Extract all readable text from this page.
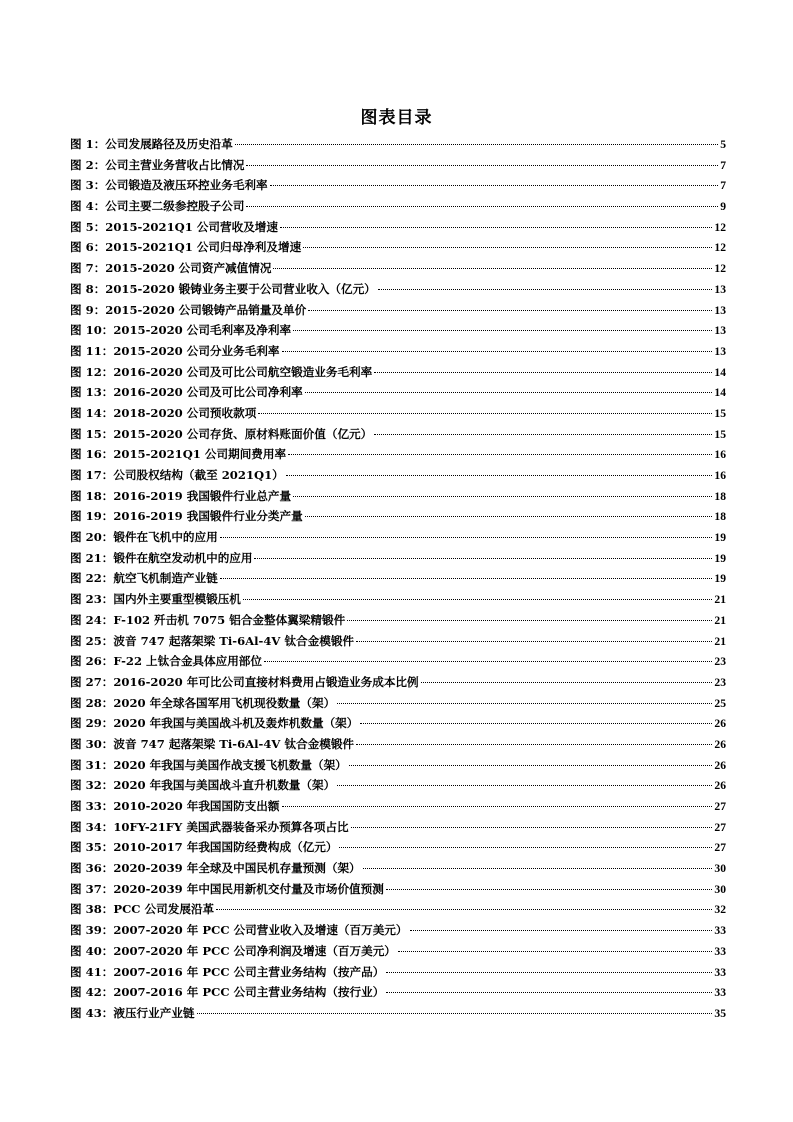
图表目录
图 1：公司发展路径及历史沿革	5
图 2：公司主营业务营收占比情况	7
图 3：公司锻造及液压环控业务毛利率	7
图 4：公司主要二级参控股子公司	9
图 5：2015-2021Q1 公司营收及增速	12
图 6：2015-2021Q1 公司归母净利及增速	12
图 7：2015-2020 公司资产减值情况	12
图 8：2015-2020 锻铸业务主要于公司营业收入（亿元）	13
图 9：2015-2020 公司锻铸产品销量及单价	13
图 10：2015-2020 公司毛利率及净利率	13
图 11：2015-2020 公司分业务毛利率	13
图 12：2016-2020 公司及可比公司航空锻造业务毛利率	14
图 13：2016-2020 公司及可比公司净利率	14
图 14：2018-2020 公司预收款项	15
图 15：2015-2020 公司存货、原材料账面价值（亿元）	15
图 16：2015-2021Q1 公司期间费用率	16
图 17：公司股权结构（截至 2021Q1）	16
图 18：2016-2019 我国锻件行业总产量	18
图 19：2016-2019 我国锻件行业分类产量	18
图 20：锻件在飞机中的应用	19
图 21：锻件在航空发动机中的应用	19
图 22：航空飞机制造产业链	19
图 23：国内外主要重型模锻压机	21
图 24：F-102 歼击机 7075 铝合金整体翼梁精锻件	21
图 25：波音 747 起落架梁 Ti-6Al-4V 钛合金模锻件	21
图 26：F-22 上钛合金具体应用部位	23
图 27：2016-2020 年可比公司直接材料费用占锻造业务成本比例	23
图 28：2020 年全球各国军用飞机现役数量（架）	25
图 29：2020 年我国与美国战斗机及轰炸机数量（架）	26
图 30：波音 747 起落架梁 Ti-6Al-4V 钛合金模锻件	26
图 31：2020 年我国与美国作战支援飞机数量（架）	26
图 32：2020 年我国与美国战斗直升机数量（架）	26
图 33：2010-2020 年我国国防支出额	27
图 34：10FY-21FY 美国武器装备采办预算各项占比	27
图 35：2010-2017 年我国国防经费构成（亿元）	27
图 36：2020-2039 年全球及中国民机存量预测（架）	30
图 37：2020-2039 年中国民用新机交付量及市场价值预测	30
图 38：PCC 公司发展沿革	32
图 39：2007-2020 年 PCC 公司营业收入及增速（百万美元）	33
图 40：2007-2020 年 PCC 公司净利润及增速（百万美元）	33
图 41：2007-2016 年 PCC 公司主营业务结构（按产品）	33
图 42：2007-2016 年 PCC 公司主营业务结构（按行业）	33
图 43：液压行业产业链	35
